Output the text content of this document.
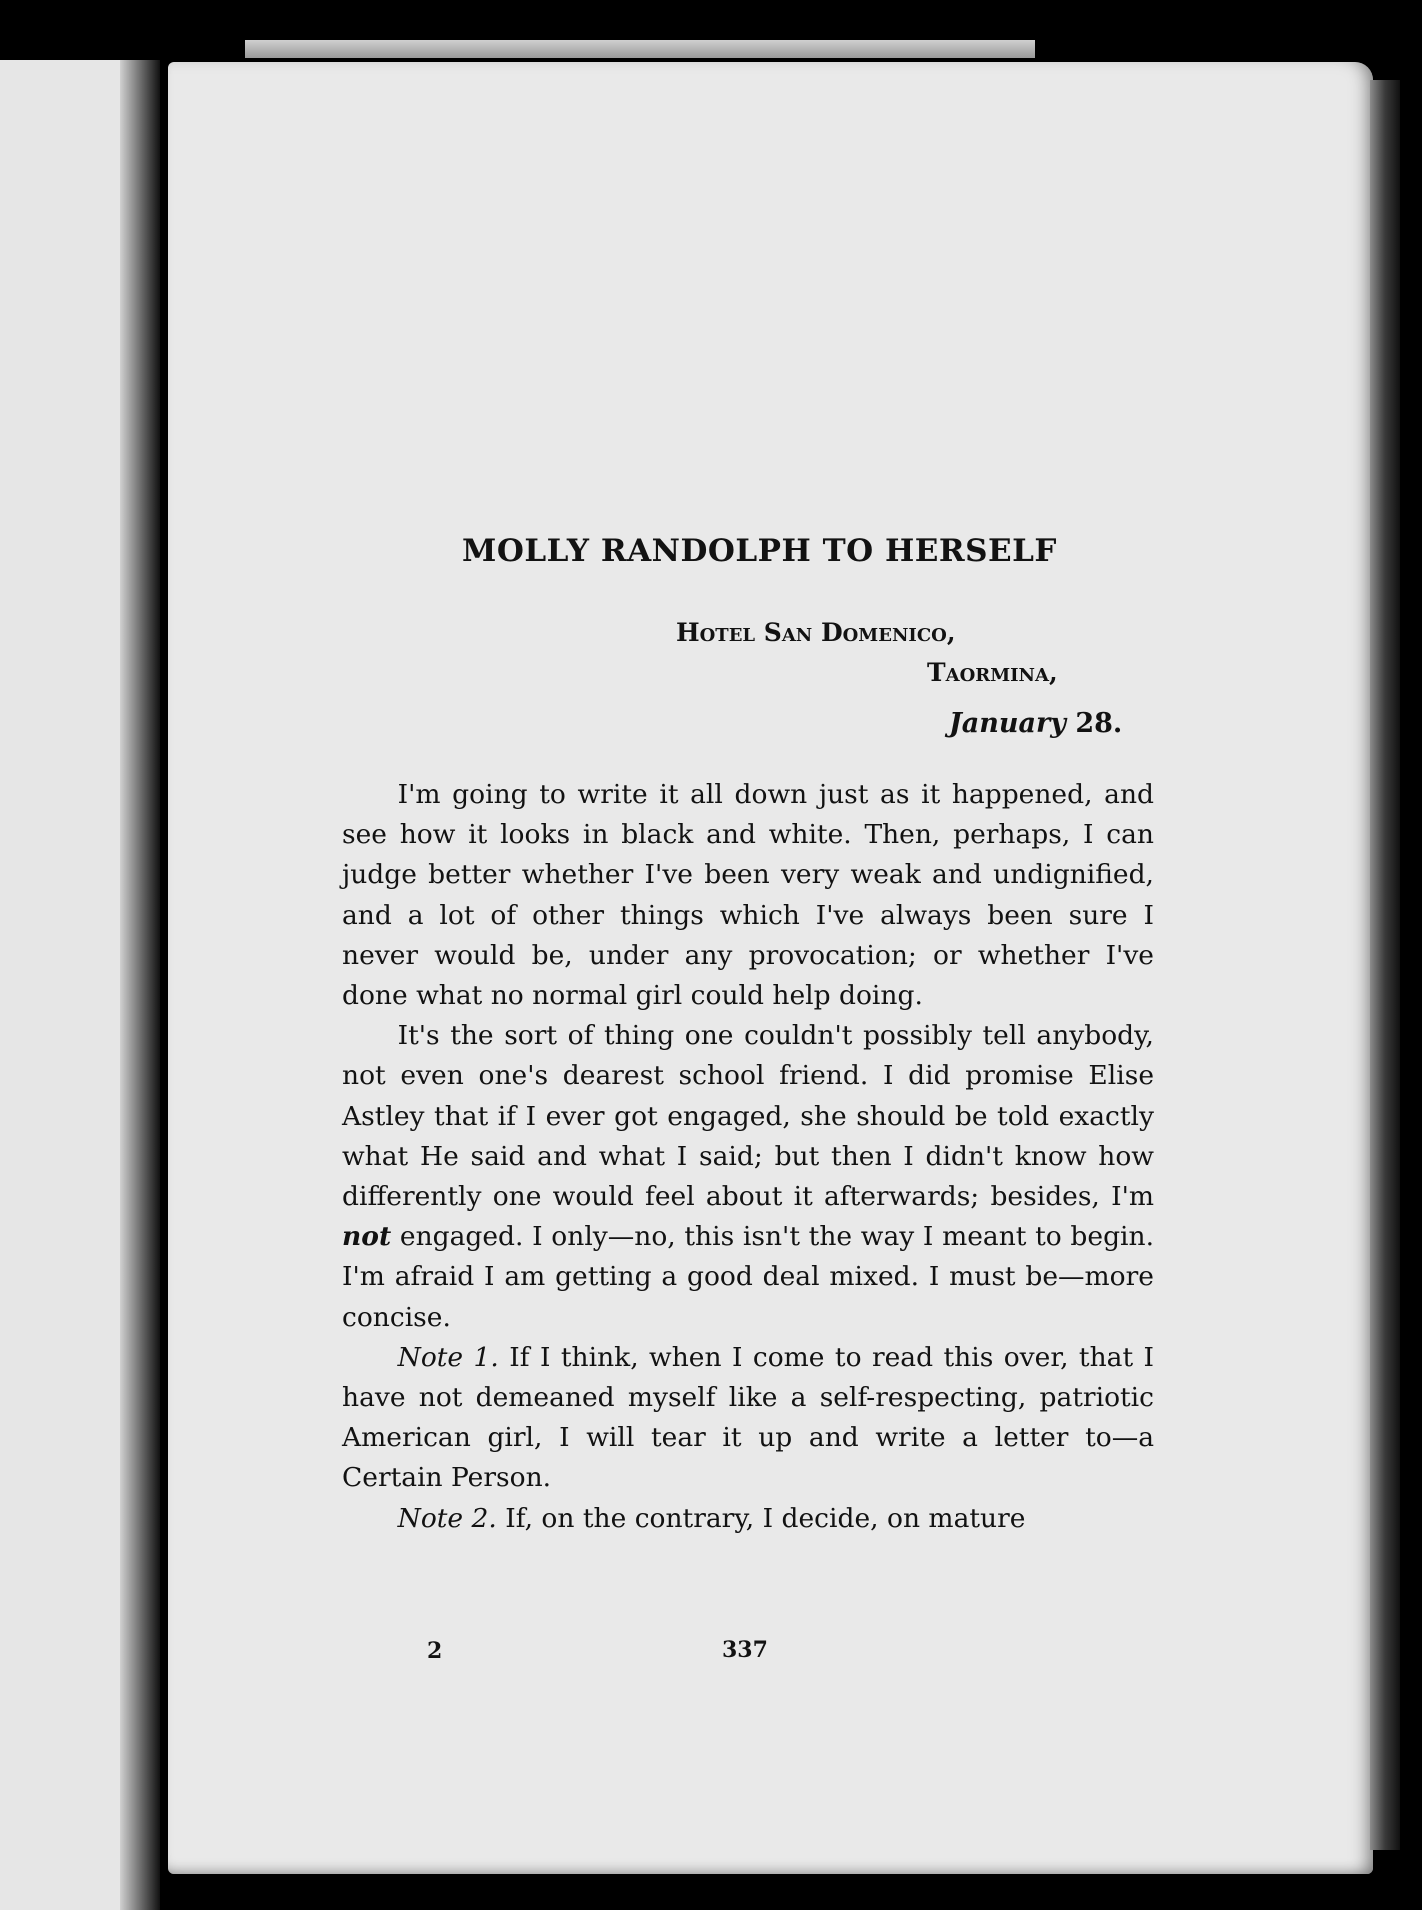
MOLLY RANDOLPH TO HERSELF
Hotel San Domenico,
Taormina,
January 28.

I'm going to write it all down just as it happened, and see how it looks in black and white. Then, perhaps, I can judge better whether I've been very weak and undignified, and a lot of other things which I've always been sure I never would be, under any provocation; or whether I've done what no normal girl could help doing.

It's the sort of thing one couldn't possibly tell anybody, not even one's dearest school friend. I did promise Elise Astley that if I ever got engaged, she should be told exactly what He said and what I said; but then I didn't know how differently one would feel about it afterwards; besides, I'm not engaged. I only—no, this isn't the way I meant to begin. I'm afraid I am getting a good deal mixed. I must be—more concise.

Note 1. If I think, when I come to read this over, that I have not demeaned myself like a self-respecting, patriotic American girl, I will tear it up and write a letter to—a Certain Person.

Note 2. If, on the contrary, I decide, on mature

2	337
